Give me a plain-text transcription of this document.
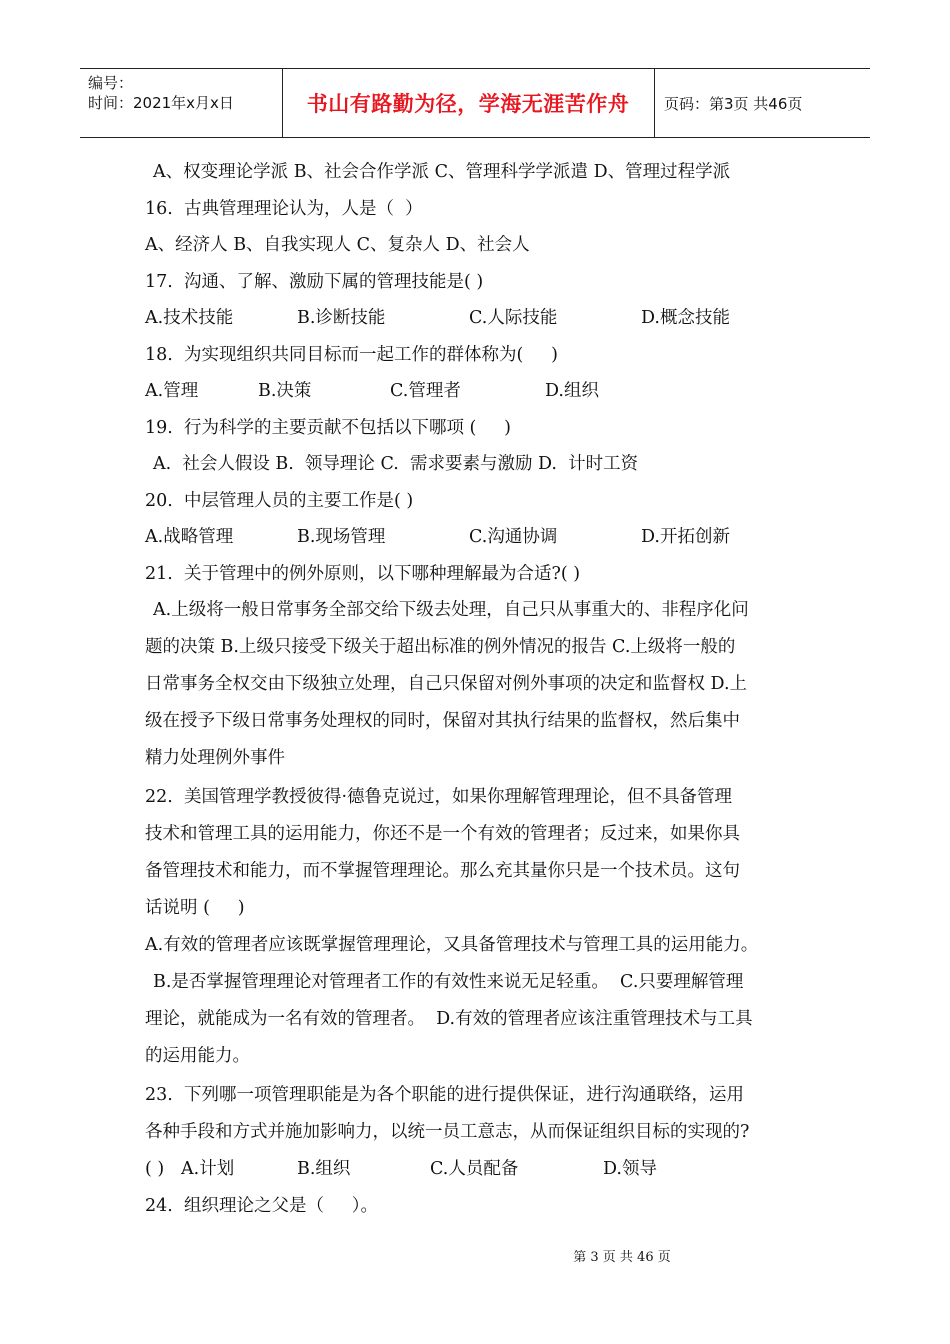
编号：
时间：2021年x月x日	书山有路勤为径，学海无涯苦作舟 页码：第3页 共46页
A、权变理论学派 B、社会合作学派 C、管理科学学派遣 D、管理过程学派
16.  古典管理理论认为，人是（  ）
A、经济人 B、自我实现人 C、复杂人 D、社会人
17.  沟通、了解、激励下属的管理技能是( )
A.技术技能	B.诊断技能	C.人际技能	D.概念技能
18.  为实现组织共同目标而一起工作的群体称为(     )
A.管理	B.决策	C.管理者	D.组织
19.  行为科学的主要贡献不包括以下哪项 (     )
A.  社会人假设 B.  领导理论 C.  需求要素与激励 D.  计时工资
20.  中层管理人员的主要工作是( )
A.战略管理	B.现场管理	C.沟通协调	D.开拓创新
21.  关于管理中的例外原则，以下哪种理解最为合适?( )
A.上级将一般日常事务全部交给下级去处理，自己只从事重大的、非程序化问
题的决策 B.上级只接受下级关于超出标准的例外情况的报告 C.上级将一般的
日常事务全权交由下级独立处理，自己只保留对例外事项的决定和监督权 D.上
级在授予下级日常事务处理权的同时，保留对其执行结果的监督权，然后集中
精力处理例外事件
22.  美国管理学教授彼得·德鲁克说过，如果你理解管理理论，但不具备管理
技术和管理工具的运用能力，你还不是一个有效的管理者；反过来，如果你具
备管理技术和能力，而不掌握管理理论。那么充其量你只是一个技术员。这句
话说明 (     )
A.有效的管理者应该既掌握管理理论，又具备管理技术与管理工具的运用能力。
B.是否掌握管理理论对管理者工作的有效性来说无足轻重。  C.只要理解管理
理论，就能成为一名有效的管理者。  D.有效的管理者应该注重管理技术与工具
的运用能力。
23.  下列哪一项管理职能是为各个职能的进行提供保证，进行沟通联络，运用
各种手段和方式并施加影响力，以统一员工意志，从而保证组织目标的实现的?
( ) A.计划	B.组织	C.人员配备	D.领导
24.  组织理论之父是（     ）。
第 3 页 共 46 页
